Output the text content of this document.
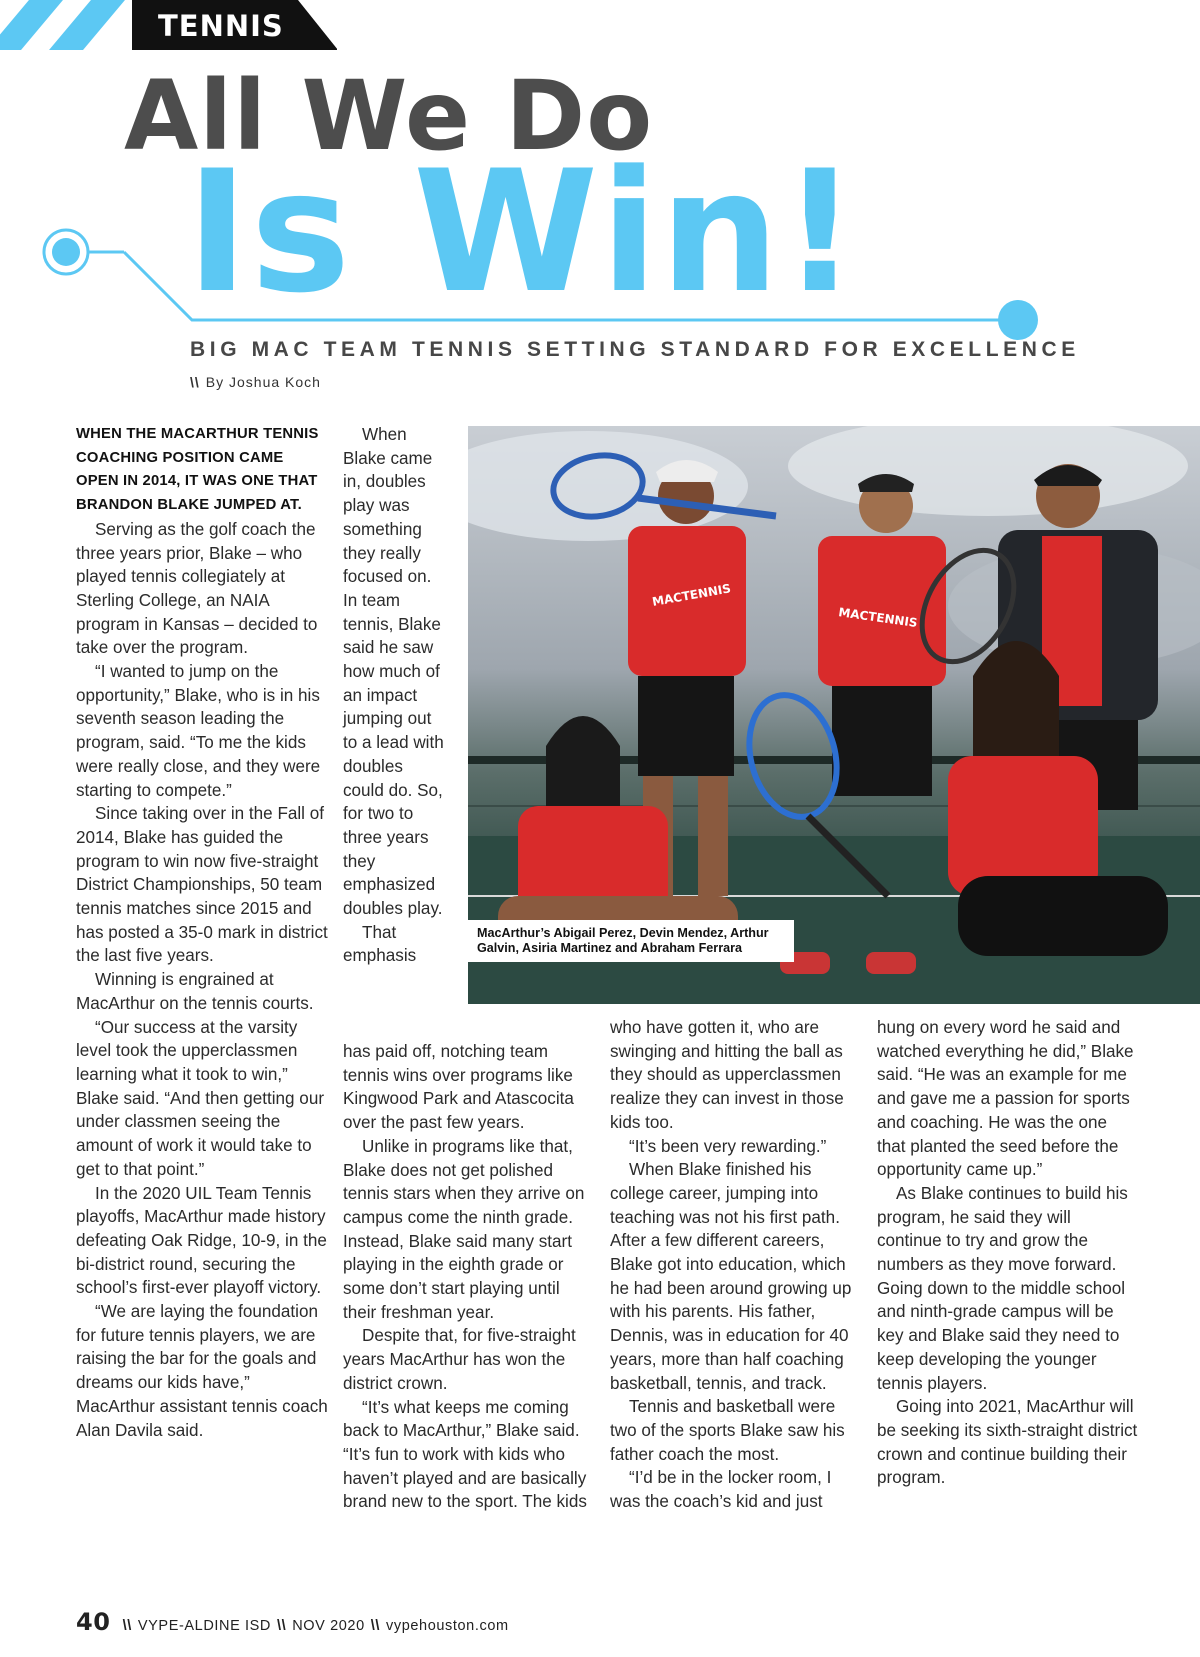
TENNIS
All We Do
Is Win!
BIG MAC TEAM TENNIS SETTING STANDARD FOR EXCELLENCE
\\ By Joshua Koch

WHEN THE MACARTHUR TENNIS COACHING POSITION CAME OPEN IN 2014, IT WAS ONE THAT BRANDON BLAKE JUMPED AT.

Serving as the golf coach the three years prior, Blake – who played tennis collegiately at Sterling College, an NAIA program in Kansas – decided to take over the program.

“I wanted to jump on the opportunity,” Blake, who is in his seventh season leading the program, said. “To me the kids were really close, and they were starting to compete.”

Since taking over in the Fall of 2014, Blake has guided the program to win now five-straight District Championships, 50 team tennis matches since 2015 and has posted a 35-0 mark in district the last five years.

Winning is engrained at MacArthur on the tennis courts.

“Our success at the varsity level took the upperclassmen learning what it took to win,” Blake said. “And then getting our under classmen seeing the amount of work it would take to get to that point.”

In the 2020 UIL Team Tennis playoffs, MacArthur made history defeating Oak Ridge, 10-9, in the bi-district round, securing the school’s first-ever playoff victory.

“We are laying the foundation for future tennis players, we are raising the bar for the goals and dreams our kids have,” MacArthur assistant tennis coach Alan Davila said.

When Blake came in, doubles play was something they really focused on. In team tennis, Blake said he saw how much of an impact jumping out to a lead with doubles could do. So, for two to three years they emphasized doubles play.

That emphasis

has paid off, notching team tennis wins over programs like Kingwood Park and Atascocita over the past few years.

Unlike in programs like that, Blake does not get polished tennis stars when they arrive on campus come the ninth grade. Instead, Blake said many start playing in the eighth grade or some don’t start playing until their freshman year.

Despite that, for five-straight years MacArthur has won the district crown.

“It’s what keeps me coming back to MacArthur,” Blake said. “It’s fun to work with kids who haven’t played and are basically brand new to the sport. The kids

who have gotten it, who are swinging and hitting the ball as they should as upperclassmen realize they can invest in those kids too.

“It’s been very rewarding.”

When Blake finished his college career, jumping into teaching was not his first path. After a few different careers, Blake got into education, which he had been around growing up with his parents. His father, Dennis, was in education for 40 years, more than half coaching basketball, tennis, and track.

Tennis and basketball were two of the sports Blake saw his father coach the most.

“I’d be in the locker room, I was the coach’s kid and just

hung on every word he said and watched everything he did,” Blake said. “He was an example for me and gave me a passion for sports and coaching. He was the one that planted the seed before the opportunity came up.”

As Blake continues to build his program, he said they will continue to try and grow the numbers as they move forward. Going down to the middle school and ninth-grade campus will be key and Blake said they need to keep developing the younger tennis players.

Going into 2021, MacArthur will be seeking its sixth-straight district crown and continue building their program.

MACTENNIS
MACTENNIS
MacArthur’s Abigail Perez, Devin Mendez, Arthur Galvin, Asiria Martinez and Abraham Ferrara
40 \\ VYPE-ALDINE ISD \\ NOV 2020 \\ vypehouston.com
